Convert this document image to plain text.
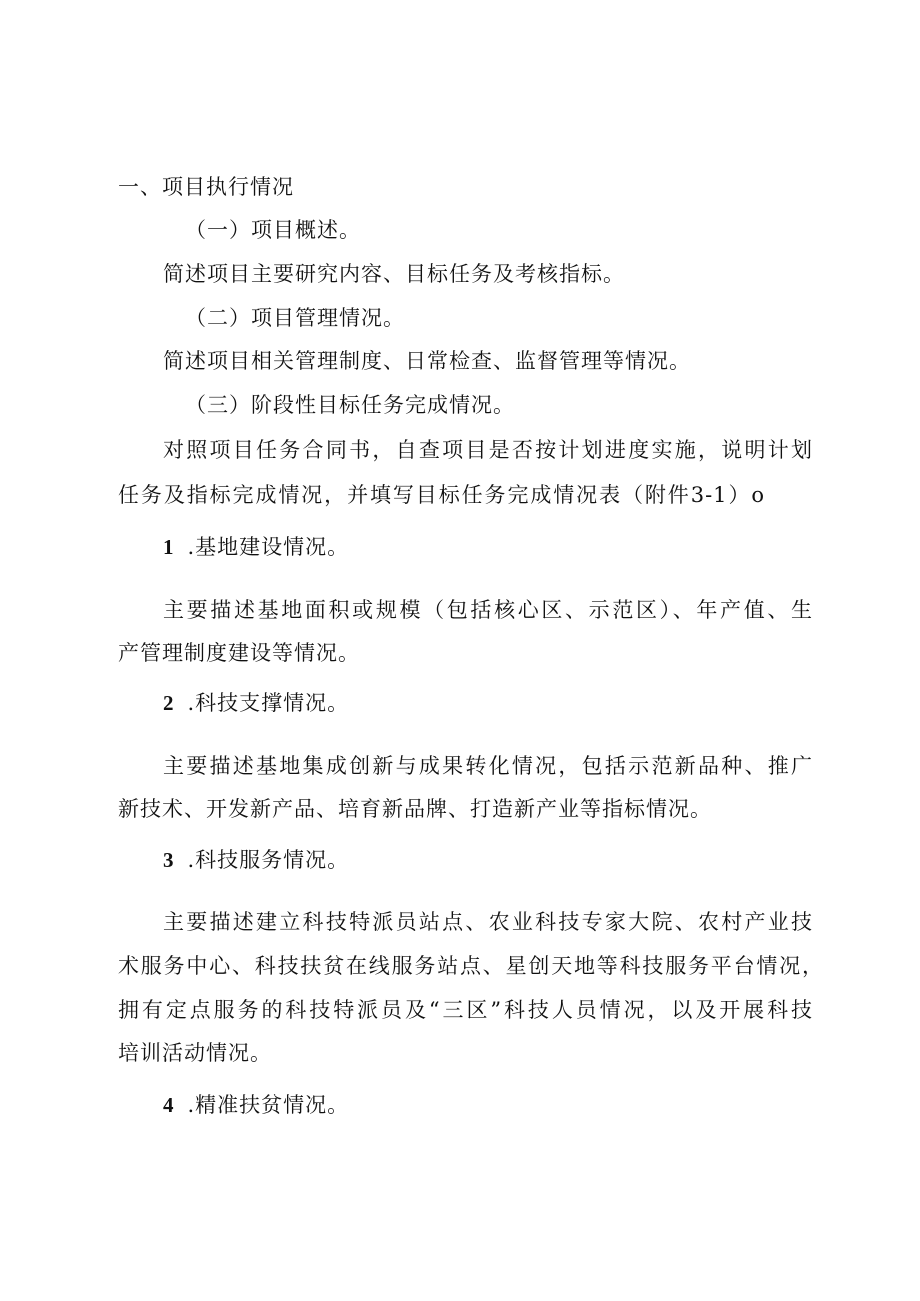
一、项目执行情况
（一）项目概述。
简述项目主要研究内容、目标任务及考核指标。
（二）项目管理情况。
简述项目相关管理制度、日常检查、监督管理等情况。
（三）阶段性目标任务完成情况。
对照项目任务合同书，自查项目是否按计划进度实施，说明计划
任务及指标完成情况，并填写目标任务完成情况表（附件3-1）o
1 .基地建设情况。
主要描述基地面积或规模（包括核心区、示范区）、年产值、生
产管理制度建设等情况。
2 .科技支撑情况。
主要描述基地集成创新与成果转化情况，包括示范新品种、推广
新技术、开发新产品、培育新品牌、打造新产业等指标情况。
3 .科技服务情况。
主要描述建立科技特派员站点、农业科技专家大院、农村产业技
术服务中心、科技扶贫在线服务站点、星创天地等科技服务平台情况，
拥有定点服务的科技特派员及“三区”科技人员情况，以及开展科技
培训活动情况。
4 .精准扶贫情况。
